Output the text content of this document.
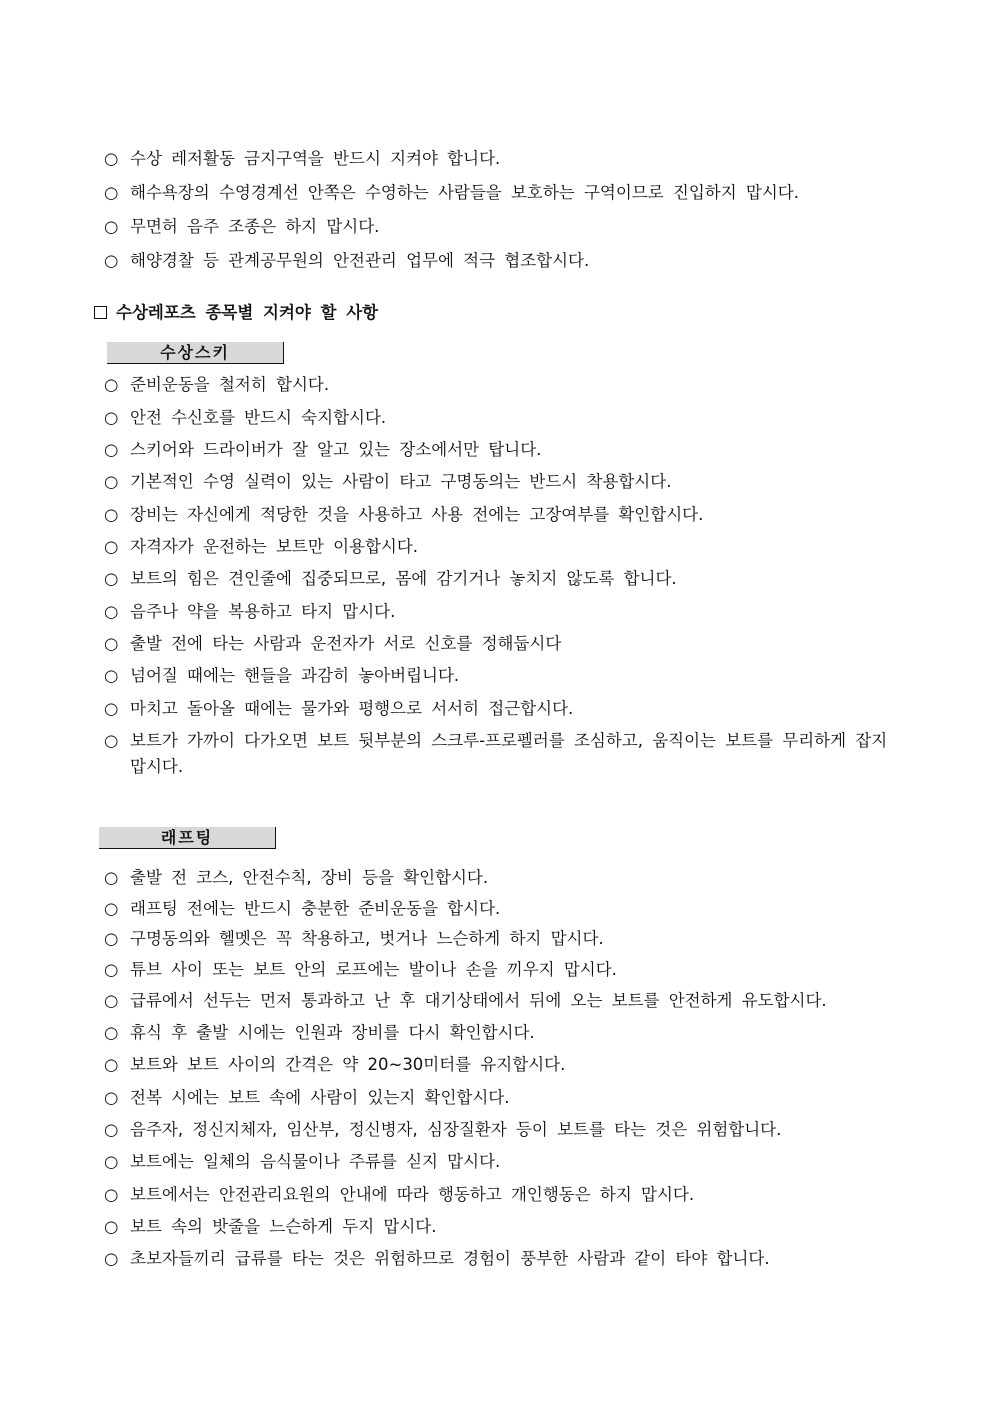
○ 수상 레저활동 금지구역을 반드시 지켜야 합니다.
○ 해수욕장의 수영경계선 안쪽은 수영하는 사람들을 보호하는 구역이므로 진입하지 맙시다.
○ 무면허 음주 조종은 하지 맙시다.
○ 해양경찰 등 관계공무원의 안전관리 업무에 적극 협조합시다.
수상레포츠 종목별 지켜야 할 사항
수상스키
○ 준비운동을 철저히 합시다.
○ 안전 수신호를 반드시 숙지합시다.
○ 스키어와 드라이버가 잘 알고 있는 장소에서만 탑니다.
○ 기본적인 수영 실력이 있는 사람이 타고 구명동의는 반드시 착용합시다.
○ 장비는 자신에게 적당한 것을 사용하고 사용 전에는 고장여부를 확인합시다.
○ 자격자가 운전하는 보트만 이용합시다.
○ 보트의 힘은 견인줄에 집중되므로, 몸에 감기거나 놓치지 않도록 합니다.
○ 음주나 약을 복용하고 타지 맙시다.
○ 출발 전에 타는 사람과 운전자가 서로 신호를 정해둡시다
○ 넘어질 때에는 핸들을 과감히 놓아버립니다.
○ 마치고 돌아올 때에는 물가와 평행으로 서서히 접근합시다.
○ 보트가 가까이 다가오면 보트 뒷부분의 스크루-프로펠러를 조심하고, 움직이는 보트를 무리하게 잡지 맙시다.
래프팅
○ 출발 전 코스, 안전수칙, 장비 등을 확인합시다.
○ 래프팅 전에는 반드시 충분한 준비운동을 합시다.
○ 구명동의와 헬멧은 꼭 착용하고, 벗거나 느슨하게 하지 맙시다.
○ 튜브 사이 또는 보트 안의 로프에는 발이나 손을 끼우지 맙시다.
○ 급류에서 선두는 먼저 통과하고 난 후 대기상태에서 뒤에 오는 보트를 안전하게 유도합시다.
○ 휴식 후 출발 시에는 인원과 장비를 다시 확인합시다.
○ 보트와 보트 사이의 간격은 약 20~30미터를 유지합시다.
○ 전복 시에는 보트 속에 사람이 있는지 확인합시다.
○ 음주자, 정신지체자, 임산부, 정신병자, 심장질환자 등이 보트를 타는 것은 위험합니다.
○ 보트에는 일체의 음식물이나 주류를 싣지 맙시다.
○ 보트에서는 안전관리요원의 안내에 따라 행동하고 개인행동은 하지 맙시다.
○ 보트 속의 밧줄을 느슨하게 두지 맙시다.
○ 초보자들끼리 급류를 타는 것은 위험하므로 경험이 풍부한 사람과 같이 타야 합니다.
